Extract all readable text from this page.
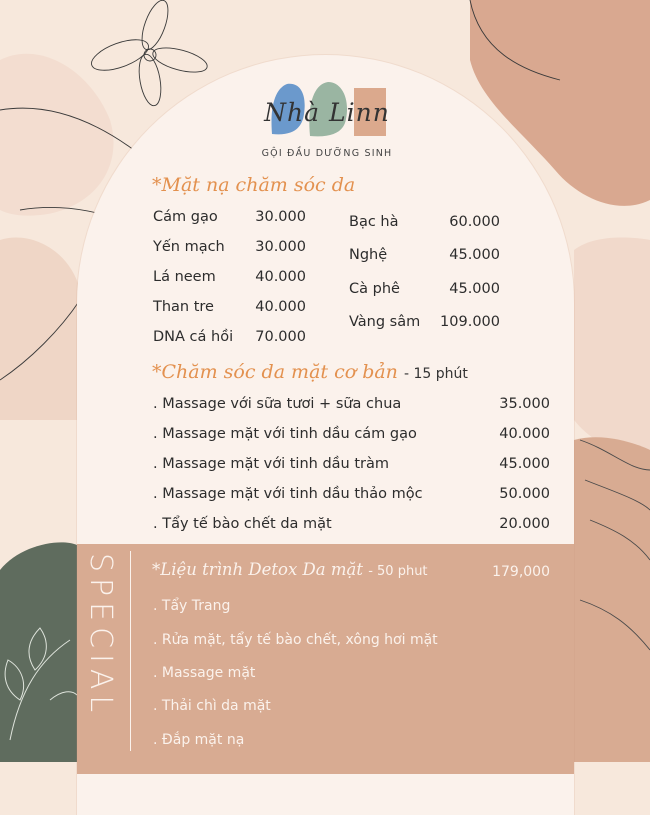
Nhà Linn
GỘI ĐẦU DƯỠNG SINH
*Mặt nạ chăm sóc da
Cám gạo	30.000
Yến mạch	30.000
Lá neem	40.000
Than tre	40.000
DNA cá hồi	70.000
Bạc hà	60.000
Nghệ	45.000
Cà phê	45.000
Vàng sâm	109.000
*Chăm sóc da mặt cơ bản - 15 phút
. Massage với sữa tươi + sữa chua	35.000
. Massage mặt với tinh dầu cám gạo	40.000
. Massage mặt với tinh dầu tràm	45.000
. Massage mặt với tinh dầu thảo mộc	50.000
. Tẩy tế bào chết da mặt	20.000
SPECIAL *Liệu trình Detox Da mặt - 50 phut	179,000
. Tẩy Trang
. Rửa mặt, tẩy tế bào chết, xông hơi mặt
. Massage mặt
. Thải chì da mặt
. Đắp mặt nạ
